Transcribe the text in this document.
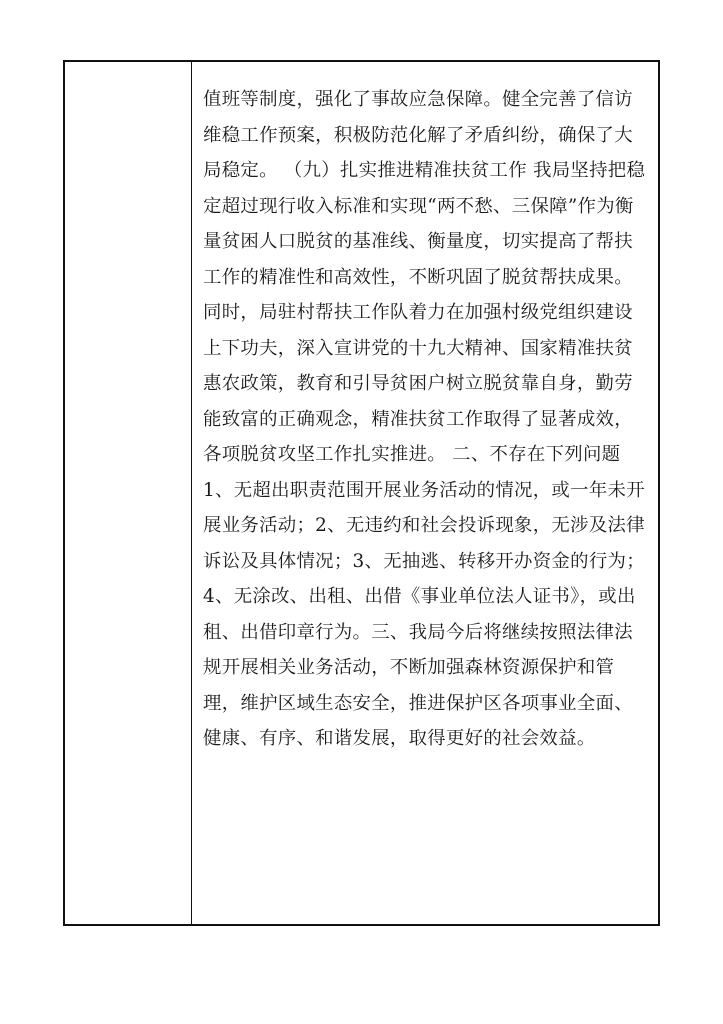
值班等制度，强化了事故应急保障。健全完善了信访维稳工作预案，积极防范化解了矛盾纠纷，确保了大局稳定。 （九）扎实推进精准扶贫工作 我局坚持把稳定超过现行收入标准和实现“两不愁、三保障”作为衡量贫困人口脱贫的基准线、衡量度，切实提高了帮扶工作的精准性和高效性，不断巩固了脱贫帮扶成果。同时，局驻村帮扶工作队着力在加强村级党组织建设上下功夫，深入宣讲党的十九大精神、国家精准扶贫惠农政策，教育和引导贫困户树立脱贫靠自身，勤劳能致富的正确观念，精准扶贫工作取得了显著成效，各项脱贫攻坚工作扎实推进。 二、不存在下列问题 1、无超出职责范围开展业务活动的情况，或一年未开展业务活动；2、无违约和社会投诉现象，无涉及法律诉讼及具体情况；3、无抽逃、转移开办资金的行为；4、无涂改、出租、出借《事业单位法人证书》，或出租、出借印章行为。三、我局今后将继续按照法律法规开展相关业务活动，不断加强森林资源保护和管理，维护区域生态安全，推进保护区各项事业全面、健康、有序、和谐发展，取得更好的社会效益。
